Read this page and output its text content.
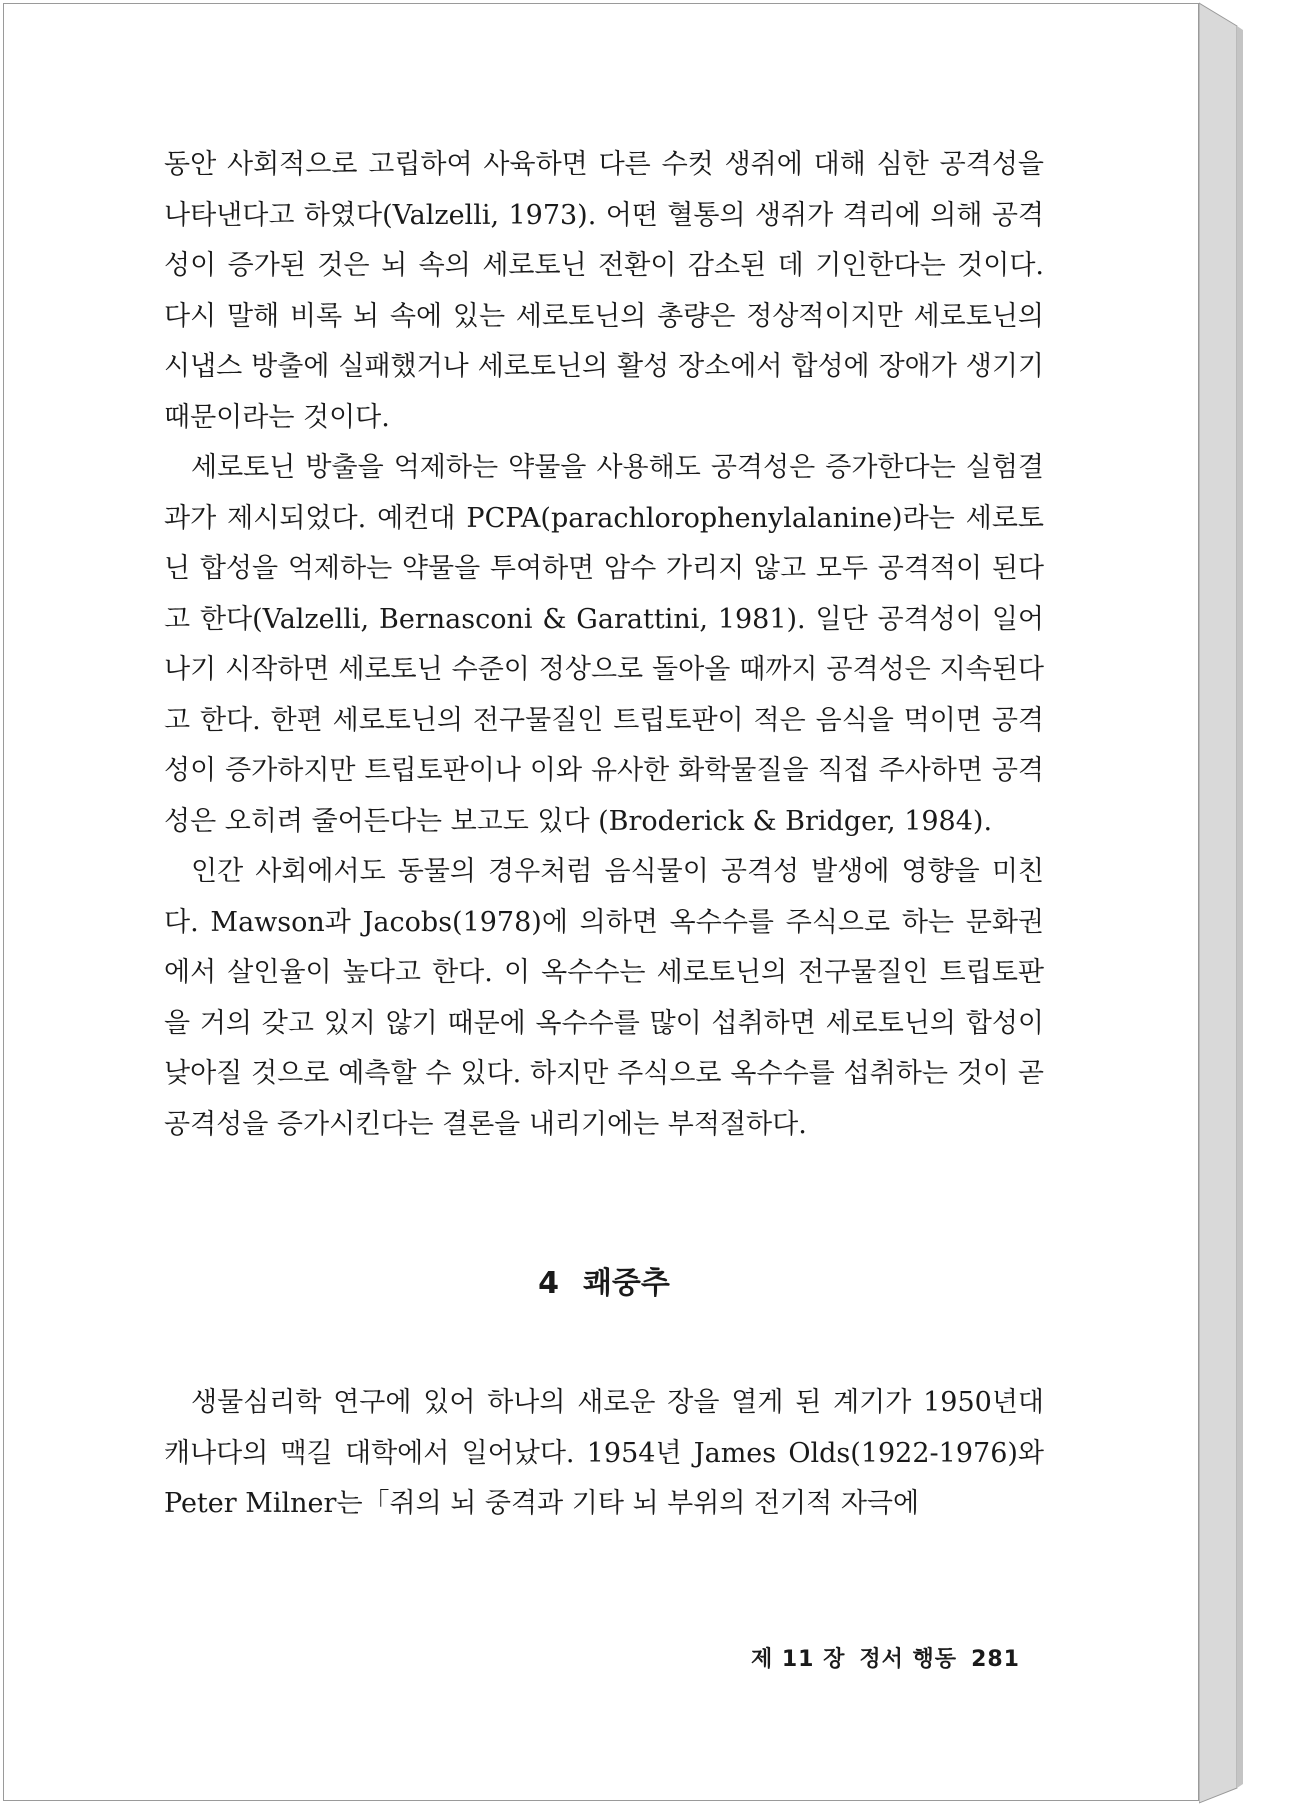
동안 사회적으로 고립하여 사육하면 다른 수컷 생쥐에 대해 심한 공격성을 나타낸다고 하였다(Valzelli, 1973). 어떤 혈통의 생쥐가 격리에 의해 공격성이 증가된 것은 뇌 속의 세로토닌 전환이 감소된 데 기인한다는 것이다. 다시 말해 비록 뇌 속에 있는 세로토닌의 총량은 정상적이지만 세로토닌의 시냅스 방출에 실패했거나 세로토닌의 활성 장소에서 합성에 장애가 생기기 때문이라는 것이다.

세로토닌 방출을 억제하는 약물을 사용해도 공격성은 증가한다는 실험결과가 제시되었다. 예컨대 PCPA(parachlorophenylalanine)라는 세로토닌 합성을 억제하는 약물을 투여하면 암수 가리지 않고 모두 공격적이 된다고 한다(Valzelli, Bernasconi & Garattini, 1981). 일단 공격성이 일어나기 시작하면 세로토닌 수준이 정상으로 돌아올 때까지 공격성은 지속된다고 한다. 한편 세로토닌의 전구물질인 트립토판이 적은 음식을 먹이면 공격성이 증가하지만 트립토판이나 이와 유사한 화학물질을 직접 주사하면 공격성은 오히려 줄어든다는 보고도 있다 (Broderick & Bridger, 1984).

인간 사회에서도 동물의 경우처럼 음식물이 공격성 발생에 영향을 미친다. Mawson과 Jacobs(1978)에 의하면 옥수수를 주식으로 하는 문화권에서 살인율이 높다고 한다. 이 옥수수는 세로토닌의 전구물질인 트립토판을 거의 갖고 있지 않기 때문에 옥수수를 많이 섭취하면 세로토닌의 합성이 낮아질 것으로 예측할 수 있다. 하지만 주식으로 옥수수를 섭취하는 것이 곧 공격성을 증가시킨다는 결론을 내리기에는 부적절하다.

4 쾌중추

생물심리학 연구에 있어 하나의 새로운 장을 열게 된 계기가 1950년대 캐나다의 맥길 대학에서 일어났다. 1954년 James Olds(1922-1976)와 Peter Milner는「쥐의 뇌 중격과 기타 뇌 부위의 전기적 자극에

제 11 장 정서 행동 281
